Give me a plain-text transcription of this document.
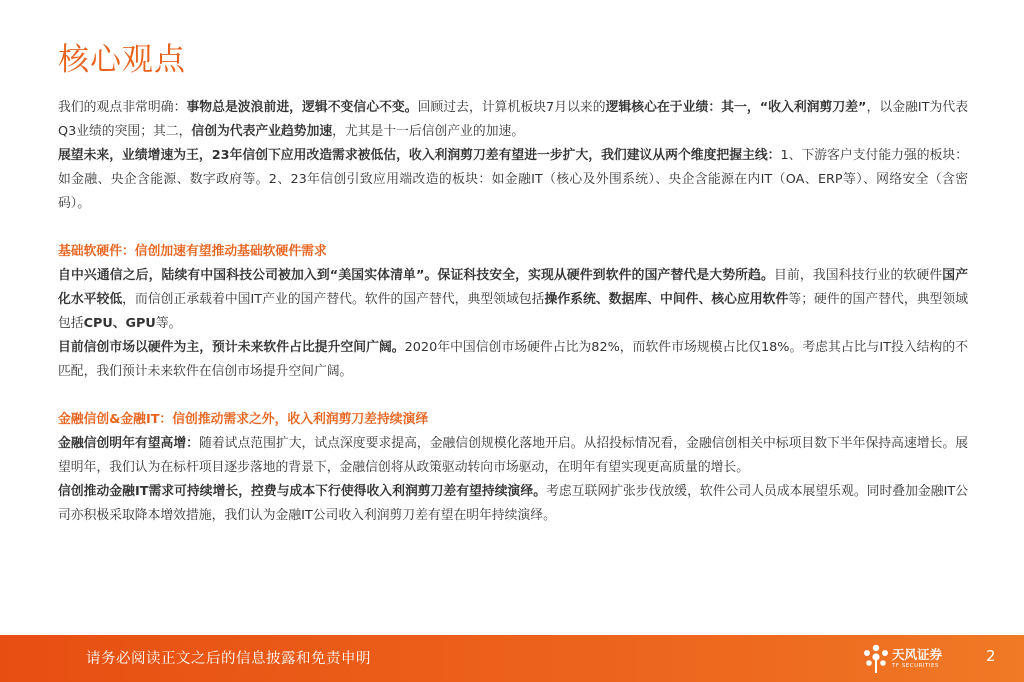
核心观点

我们的观点非常明确：事物总是波浪前进，逻辑不变信心不变。回顾过去，计算机板块7月以来的逻辑核心在于业绩：其一，“收入利润剪刀差”，以金融IT为代表Q3业绩的突围；其二，信创为代表产业趋势加速，尤其是十一后信创产业的加速。

展望未来，业绩增速为王，23年信创下应用改造需求被低估，收入利润剪刀差有望进一步扩大，我们建议从两个维度把握主线：1、下游客户支付能力强的板块：如金融、央企含能源、数字政府等。2、23年信创引致应用端改造的板块：如金融IT（核心及外围系统）、央企含能源在内IT（OA、ERP等）、网络安全（含密码）。

基础软硬件：信创加速有望推动基础软硬件需求

自中兴通信之后，陆续有中国科技公司被加入到“美国实体清单”。保证科技安全，实现从硬件到软件的国产替代是大势所趋。目前，我国科技行业的软硬件国产化水平较低，而信创正承载着中国IT产业的国产替代。软件的国产替代，典型领域包括操作系统、数据库、中间件、核心应用软件等；硬件的国产替代，典型领域包括CPU、GPU等。

目前信创市场以硬件为主，预计未来软件占比提升空间广阔。2020年中国信创市场硬件占比为82%，而软件市场规模占比仅18%。考虑其占比与IT投入结构的不匹配，我们预计未来软件在信创市场提升空间广阔。

金融信创&金融IT：信创推动需求之外，收入利润剪刀差持续演绎

金融信创明年有望高增：随着试点范围扩大，试点深度要求提高，金融信创规模化落地开启。从招投标情况看，金融信创相关中标项目数下半年保持高速增长。展望明年，我们认为在标杆项目逐步落地的背景下，金融信创将从政策驱动转向市场驱动，在明年有望实现更高质量的增长。

信创推动金融IT需求可持续增长，控费与成本下行使得收入利润剪刀差有望持续演绎。考虑互联网扩张步伐放缓，软件公司人员成本展望乐观。同时叠加金融IT公司亦积极采取降本增效措施，我们认为金融IT公司收入利润剪刀差有望在明年持续演绎。

请务必阅读正文之后的信息披露和免责申明	天风证券
TF SECURITIES
2
